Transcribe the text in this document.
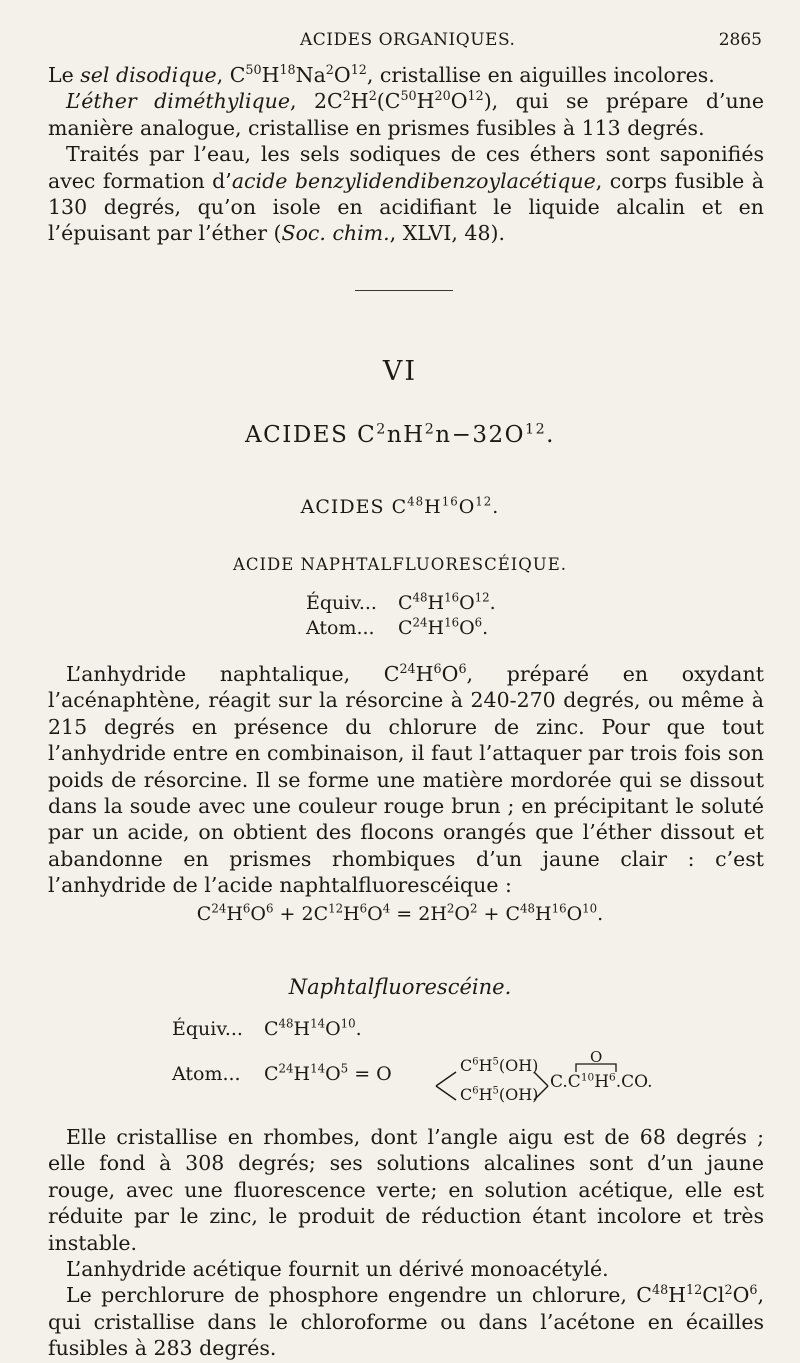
ACIDES ORGANIQUES.	2865

Le sel disodique, $C^{50}H^{18}Na^2O^{12}$, cristallise en aiguilles incolores.

L’éther diméthylique, $2C^2H^2(C^{50}H^{20}O^{12})$, qui se prépare d’une manière analogue, cristallise en prismes fusibles à 113 degrés.

Traités par l’eau, les sels sodiques de ces éthers sont saponifiés avec formation d’acide benzylidendibenzoylacétique, corps fusible à 130 degrés, qu’on isole en acidifiant le liquide alcalin et en l’épuisant par l’éther (Soc. chim., XLVI, 48).

VI
ACIDES $C^2nH^2n-32O^{12}$.
ACIDES $C^{48}H^{16}O^{12}$.
ACIDE NAPHTALFLUORESCÉIQUE.
Équiv... $C^{48}H^{16}O^{12}$.
Atom... $C^{24}H^{16}O^6$.

L’anhydride naphtalique, $C^{24}H^6O^6$, préparé en oxydant l’acénaphtène, réagit sur la résorcine à 240-270 degrés, ou même à 215 degrés en présence du chlorure de zinc. Pour que tout l’anhydride entre en combinaison, il faut l’attaquer par trois fois son poids de résorcine. Il se forme une matière mordorée qui se dissout dans la soude avec une couleur rouge brun ; en précipitant le soluté par un acide, on obtient des flocons orangés que l’éther dissout et abandonne en prismes rhombiques d’un jaune clair : c’est l’anhydride de l’acide naphtalfluorescéique :

$C^{24}H^6O^6 + 2C^{12}H^6O^4 = 2H^2O^2 + C^{48}H^{16}O^{10}$.
Naphtalfluorescéine.
Équiv... $C^{48}H^{14}O^{10}$.
Atom... $C^{24}H^{14}O^5 = O$
O
$C^6H^5(OH)$
$C^6H^5(OH)$
$C.C^{10}H^6.CO$.

Elle cristallise en rhombes, dont l’angle aigu est de 68 degrés ; elle fond à 308 degrés; ses solutions alcalines sont d’un jaune rouge, avec une fluorescence verte; en solution acétique, elle est réduite par le zinc, le produit de réduction étant incolore et très instable.

L’anhydride acétique fournit un dérivé monoacétylé.

Le perchlorure de phosphore engendre un chlorure, $C^{48}H^{12}Cl^2O^6$, qui cristallise dans le chloroforme ou dans l’acétone en écailles fusibles à 283 degrés.
